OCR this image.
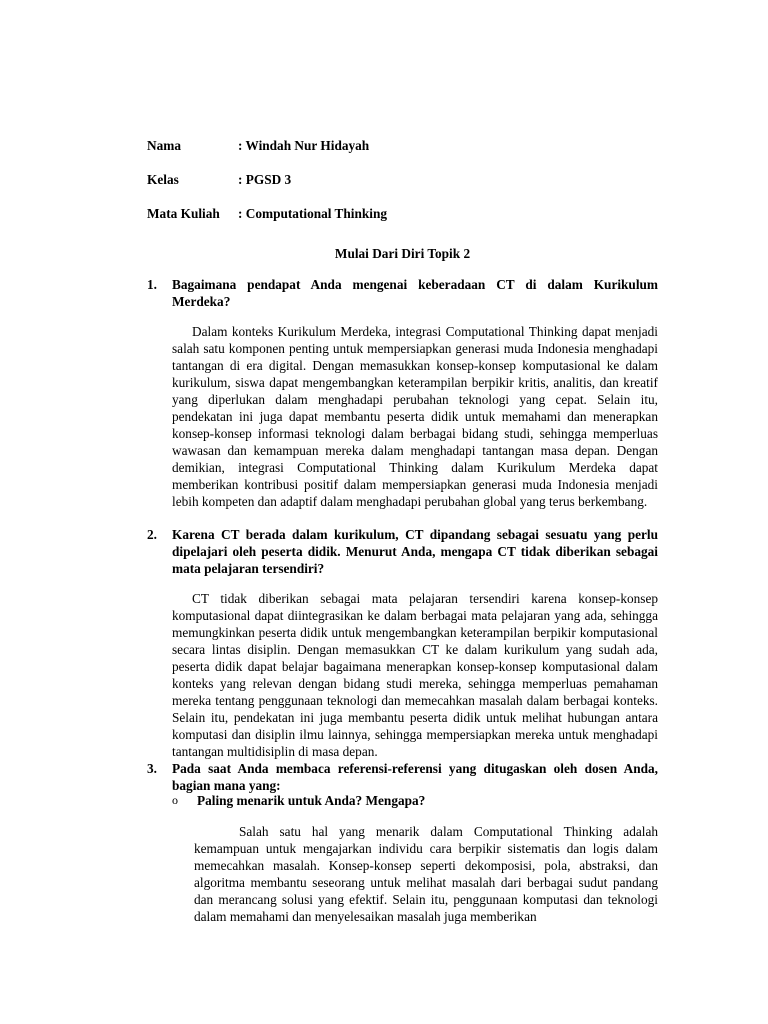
Nama	: Windah Nur Hidayah
Kelas	: PGSD 3
Mata Kuliah : Computational Thinking
Mulai Dari Diri Topik 2
1. Bagaimana pendapat Anda mengenai keberadaan CT di dalam Kurikulum Merdeka?
Dalam konteks Kurikulum Merdeka, integrasi Computational Thinking dapat menjadi salah satu komponen penting untuk mempersiapkan generasi muda Indonesia menghadapi tantangan di era digital. Dengan memasukkan konsep-konsep komputasional ke dalam kurikulum, siswa dapat mengembangkan keterampilan berpikir kritis, analitis, dan kreatif yang diperlukan dalam menghadapi perubahan teknologi yang cepat. Selain itu, pendekatan ini juga dapat membantu peserta didik untuk memahami dan menerapkan konsep-konsep informasi teknologi dalam berbagai bidang studi, sehingga memperluas wawasan dan kemampuan mereka dalam menghadapi tantangan masa depan. Dengan demikian, integrasi Computational Thinking dalam Kurikulum Merdeka dapat memberikan kontribusi positif dalam mempersiapkan generasi muda Indonesia menjadi lebih kompeten dan adaptif dalam menghadapi perubahan global yang terus berkembang.
2. Karena CT berada dalam kurikulum, CT dipandang sebagai sesuatu yang perlu dipelajari oleh peserta didik. Menurut Anda, mengapa CT tidak diberikan sebagai mata pelajaran tersendiri?
CT tidak diberikan sebagai mata pelajaran tersendiri karena konsep-konsep komputasional dapat diintegrasikan ke dalam berbagai mata pelajaran yang ada, sehingga memungkinkan peserta didik untuk mengembangkan keterampilan berpikir komputasional secara lintas disiplin. Dengan memasukkan CT ke dalam kurikulum yang sudah ada, peserta didik dapat belajar bagaimana menerapkan konsep-konsep komputasional dalam konteks yang relevan dengan bidang studi mereka, sehingga memperluas pemahaman mereka tentang penggunaan teknologi dan memecahkan masalah dalam berbagai konteks. Selain itu, pendekatan ini juga membantu peserta didik untuk melihat hubungan antara komputasi dan disiplin ilmu lainnya, sehingga mempersiapkan mereka untuk menghadapi tantangan multidisiplin di masa depan.
3. Pada saat Anda membaca referensi-referensi yang ditugaskan oleh dosen Anda, bagian mana yang:
o Paling menarik untuk Anda? Mengapa?
Salah satu hal yang menarik dalam Computational Thinking adalah kemampuan untuk mengajarkan individu cara berpikir sistematis dan logis dalam memecahkan masalah. Konsep-konsep seperti dekomposisi, pola, abstraksi, dan algoritma membantu seseorang untuk melihat masalah dari berbagai sudut pandang dan merancang solusi yang efektif. Selain itu, penggunaan komputasi dan teknologi dalam memahami dan menyelesaikan masalah juga memberikan
